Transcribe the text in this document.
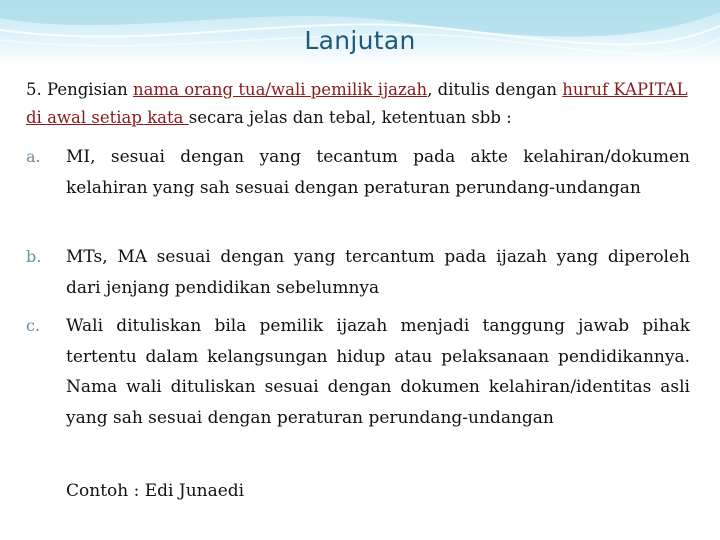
Lanjutan
5. Pengisian nama orang tua/wali pemilik ijazah, ditulis dengan huruf KAPITAL di awal setiap kata secara jelas dan tebal, ketentuan sbb :
a.	MI, sesuai dengan yang tecantum pada akte kelahiran/dokumen kelahiran yang sah sesuai dengan peraturan perundang-undangan
b.	MTs, MA sesuai dengan yang tercantum pada ijazah yang diperoleh dari jenjang pendidikan sebelumnya
c.	Wali dituliskan bila pemilik ijazah menjadi tanggung jawab pihak tertentu dalam kelangsungan hidup atau pelaksanaan pendidikannya. Nama wali dituliskan sesuai dengan dokumen kelahiran/identitas asli yang sah sesuai dengan peraturan perundang-undangan
Contoh : Edi Junaedi
